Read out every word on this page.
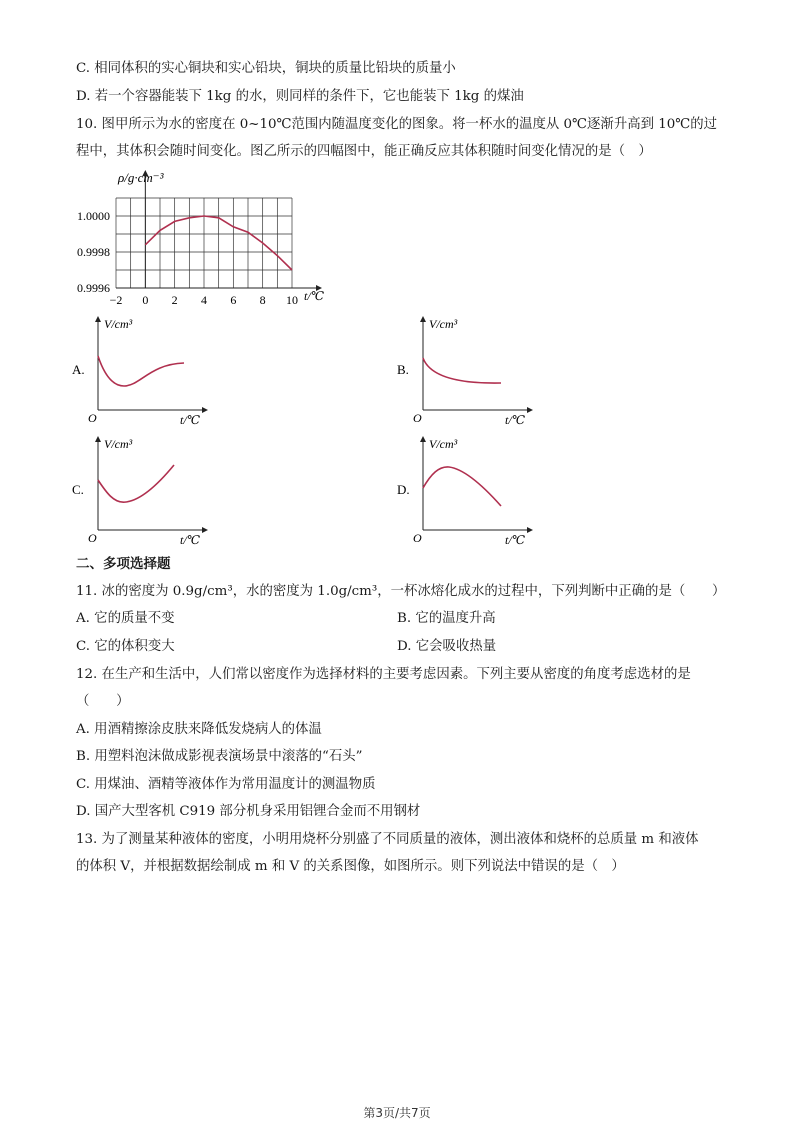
C. 相同体积的实心铜块和实心铅块，铜块的质量比铅块的质量小
D. 若一个容器能装下 1kg 的水，则同样的条件下，它也能装下 1kg 的煤油
10. 图甲所示为水的密度在 0~10℃范围内随温度变化的图象。将一杯水的温度从 0℃逐渐升高到 10℃的过
程中，其体积会随时间变化。图乙所示的四幅图中，能正确反应其体积随时间变化情况的是（　）
−2 0 2 4 6 8 10
1.0000
0.9998
0.9996
ρ/g·cm⁻³
t/℃
A.
V/cm³
t/℃
O
B.
V/cm³
t/℃
O
C.
V/cm³
t/℃
O
D.
V/cm³
t/℃
O
二、多项选择题
11. 冰的密度为 0.9g/cm³，水的密度为 1.0g/cm³，一杯冰熔化成水的过程中，下列判断中正确的是（　　）
A. 它的质量不变	B. 它的温度升高
C. 它的体积变大	D. 它会吸收热量
12. 在生产和生活中，人们常以密度作为选择材料的主要考虑因素。下列主要从密度的角度考虑选材的是
（　　）
A. 用酒精擦涂皮肤来降低发烧病人的体温
B. 用塑料泡沫做成影视表演场景中滚落的“石头”
C. 用煤油、酒精等液体作为常用温度计的测温物质
D. 国产大型客机 C919 部分机身采用铝锂合金而不用钢材
13. 为了测量某种液体的密度，小明用烧杯分别盛了不同质量的液体，测出液体和烧杯的总质量 m 和液体
的体积 V，并根据数据绘制成 m 和 V 的关系图像，如图所示。则下列说法中错误的是（　）
第3页/共7页
